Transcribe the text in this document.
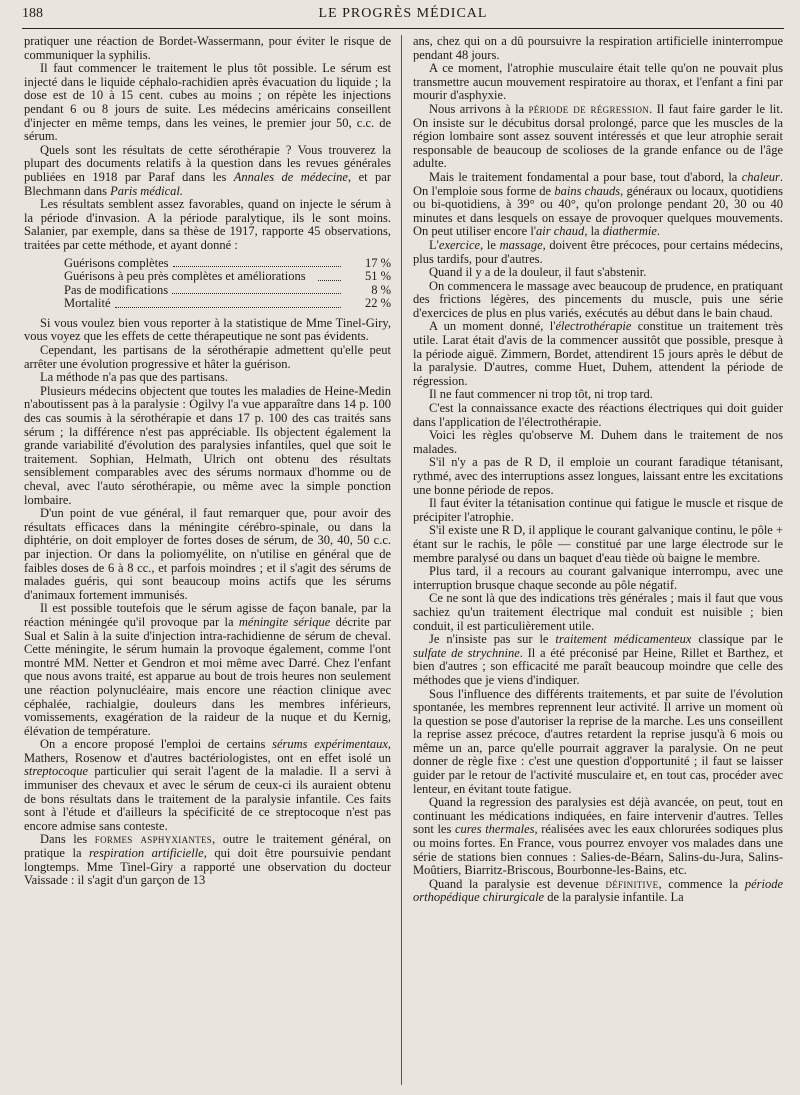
188	LE PROGRÈS MÉDICAL

pratiquer une réaction de Bordet-Wassermann, pour éviter le risque de communiquer la syphilis.

Il faut commencer le traitement le plus tôt possible. Le sérum est injecté dans le liquide céphalo-rachidien après évacuation du liquide ; la dose est de 10 à 15 cent. cubes au moins ; on répète les injections pendant 6 ou 8 jours de suite. Les médecins américains conseillent d'injecter en même temps, dans les veines, le premier jour 50, c.c. de sérum.

Quels sont les résultats de cette sérothérapie ? Vous trouverez la plupart des documents relatifs à la question dans les revues générales publiées en 1918 par Paraf dans les Annales de médecine, et par Blechmann dans Paris médical.

Les résultats semblent assez favorables, quand on injecte le sérum à la période d'invasion. A la période paralytique, ils le sont moins. Salanier, par exemple, dans sa thèse de 1917, rapporte 45 observations, traitées par cette méthode, et ayant donné :

Guérisons complètes	17 %
Guérisons à peu près complètes et améliorations	51 %
Pas de modifications	8 %
Mortalité	22 %

Si vous voulez bien vous reporter à la statistique de Mme Tinel-Giry, vous voyez que les effets de cette thérapeutique ne sont pas évidents.

Cependant, les partisans de la sérothérapie admettent qu'elle peut arrêter une évolution progressive et hâter la guérison.

La méthode n'a pas que des partisans.

Plusieurs médecins objectent que toutes les maladies de Heine-Medin n'aboutissent pas à la paralysie : Ogilvy l'a vue apparaître dans 14 p. 100 des cas soumis à la sérothérapie et dans 17 p. 100 des cas traités sans sérum ; la différence n'est pas appréciable. Ils objectent également la grande variabilité d'évolution des paralysies infantiles, quel que soit le traitement. Sophian, Helmath, Ulrich ont obtenu des résultats sensiblement comparables avec des sérums normaux d'homme ou de cheval, avec l'auto sérothérapie, ou même avec la simple ponction lombaire.

D'un point de vue général, il faut remarquer que, pour avoir des résultats efficaces dans la méningite cérébro-spinale, ou dans la diphtérie, on doit employer de fortes doses de sérum, de 30, 40, 50 c.c. par injection. Or dans la poliomyélite, on n'utilise en général que de faibles doses de 6 à 8 cc., et parfois moindres ; et il s'agit des sérums de malades guéris, qui sont beaucoup moins actifs que les sérums d'animaux fortement immunisés.

Il est possible toutefois que le sérum agisse de façon banale, par la réaction méningée qu'il provoque par la méningite sérique décrite par Sual et Salin à la suite d'injection intra-rachidienne de sérum de cheval. Cette méningite, le sérum humain la provoque également, comme l'ont montré MM. Netter et Gendron et moi même avec Darré. Chez l'enfant que nous avons traité, est apparue au bout de trois heures non seulement une réaction polynucléaire, mais encore une réaction clinique avec céphalée, rachialgie, douleurs dans les membres inférieurs, vomissements, exagération de la raideur de la nuque et du Kernig, élévation de température.

On a encore proposé l'emploi de certains sérums expérimentaux, Mathers, Rosenow et d'autres bactériologistes, ont en effet isolé un streptocoque particulier qui serait l'agent de la maladie. Il a servi à immuniser des chevaux et avec le sérum de ceux-ci ils auraient obtenu de bons résultats dans le traitement de la paralysie infantile. Ces faits sont à l'étude et d'ailleurs la spécificité de ce streptocoque n'est pas encore admise sans conteste.

Dans les formes asphyxiantes, outre le traitement général, on pratique la respiration artificielle, qui doit être poursuivie pendant longtemps. Mme Tinel-Giry a rapporté une observation du docteur Vaissade : il s'agit d'un garçon de 13

ans, chez qui on a dû poursuivre la respiration artificielle ininterrompue pendant 48 jours.

A ce moment, l'atrophie musculaire était telle qu'on ne pouvait plus transmettre aucun mouvement respiratoire au thorax, et l'enfant a fini par mourir d'asphyxie.

Nous arrivons à la période de régression. Il faut faire garder le lit. On insiste sur le décubitus dorsal prolongé, parce que les muscles de la région lombaire sont assez souvent intéressés et que leur atrophie serait responsable de beaucoup de scolioses de la grande enfance ou de l'âge adulte.

Mais le traitement fondamental a pour base, tout d'abord, la chaleur. On l'emploie sous forme de bains chauds, généraux ou locaux, quotidiens ou bi-quotidiens, à 39° ou 40°, qu'on prolonge pendant 20, 30 ou 40 minutes et dans lesquels on essaye de provoquer quelques mouvements. On peut utiliser encore l'air chaud, la diathermie.

L'exercice, le massage, doivent être précoces, pour certains médecins, plus tardifs, pour d'autres.

Quand il y a de la douleur, il faut s'abstenir.

On commencera le massage avec beaucoup de prudence, en pratiquant des frictions légères, des pincements du muscle, puis une série d'exercices de plus en plus variés, exécutés au début dans le bain chaud.

A un moment donné, l'électrothérapie constitue un traitement très utile. Larat était d'avis de la commencer aussitôt que possible, presque à la période aiguë. Zimmern, Bordet, attendirent 15 jours après le début de la paralysie. D'autres, comme Huet, Duhem, attendent la période de régression.

Il ne faut commencer ni trop tôt, ni trop tard.

C'est la connaissance exacte des réactions électriques qui doit guider dans l'application de l'électrothérapie.

Voici les règles qu'observe M. Duhem dans le traitement de nos malades.

S'il n'y a pas de R D, il emploie un courant faradique tétanisant, rythmé, avec des interruptions assez longues, laissant entre les excitations une bonne période de repos.

Il faut éviter la tétanisation continue qui fatigue le muscle et risque de précipiter l'atrophie.

S'il existe une R D, il applique le courant galvanique continu, le pôle + étant sur le rachis, le pôle — constitué par une large électrode sur le membre paralysé ou dans un baquet d'eau tiède où baigne le membre.

Plus tard, il a recours au courant galvanique interrompu, avec une interruption brusque chaque seconde au pôle négatif.

Ce ne sont là que des indications très générales ; mais il faut que vous sachiez qu'un traitement électrique mal conduit est nuisible ; bien conduit, il est particulièrement utile.

Je n'insiste pas sur le traitement médicamenteux classique par le sulfate de strychnine. Il a été préconisé par Heine, Rillet et Barthez, et bien d'autres ; son efficacité me paraît beaucoup moindre que celle des méthodes que je viens d'indiquer.

Sous l'influence des différents traitements, et par suite de l'évolution spontanée, les membres reprennent leur activité. Il arrive un moment où la question se pose d'autoriser la reprise de la marche. Les uns conseillent la reprise assez précoce, d'autres retardent la reprise jusqu'à 6 mois ou même un an, parce qu'elle pourrait aggraver la paralysie. On ne peut donner de règle fixe : c'est une question d'opportunité ; il faut se laisser guider par le retour de l'activité musculaire et, en tout cas, procéder avec lenteur, en évitant toute fatigue.

Quand la regression des paralysies est déjà avancée, on peut, tout en continuant les médications indiquées, en faire intervenir d'autres. Telles sont les cures thermales, réalisées avec les eaux chlorurées sodiques plus ou moins fortes. En France, vous pourrez envoyer vos malades dans une série de stations bien connues : Salies-de-Béarn, Salins-du-Jura, Salins-Moûtiers, Biarritz-Briscous, Bourbonne-les-Bains, etc.

Quand la paralysie est devenue définitive, commence la période orthopédique chirurgicale de la paralysie infantile. La
